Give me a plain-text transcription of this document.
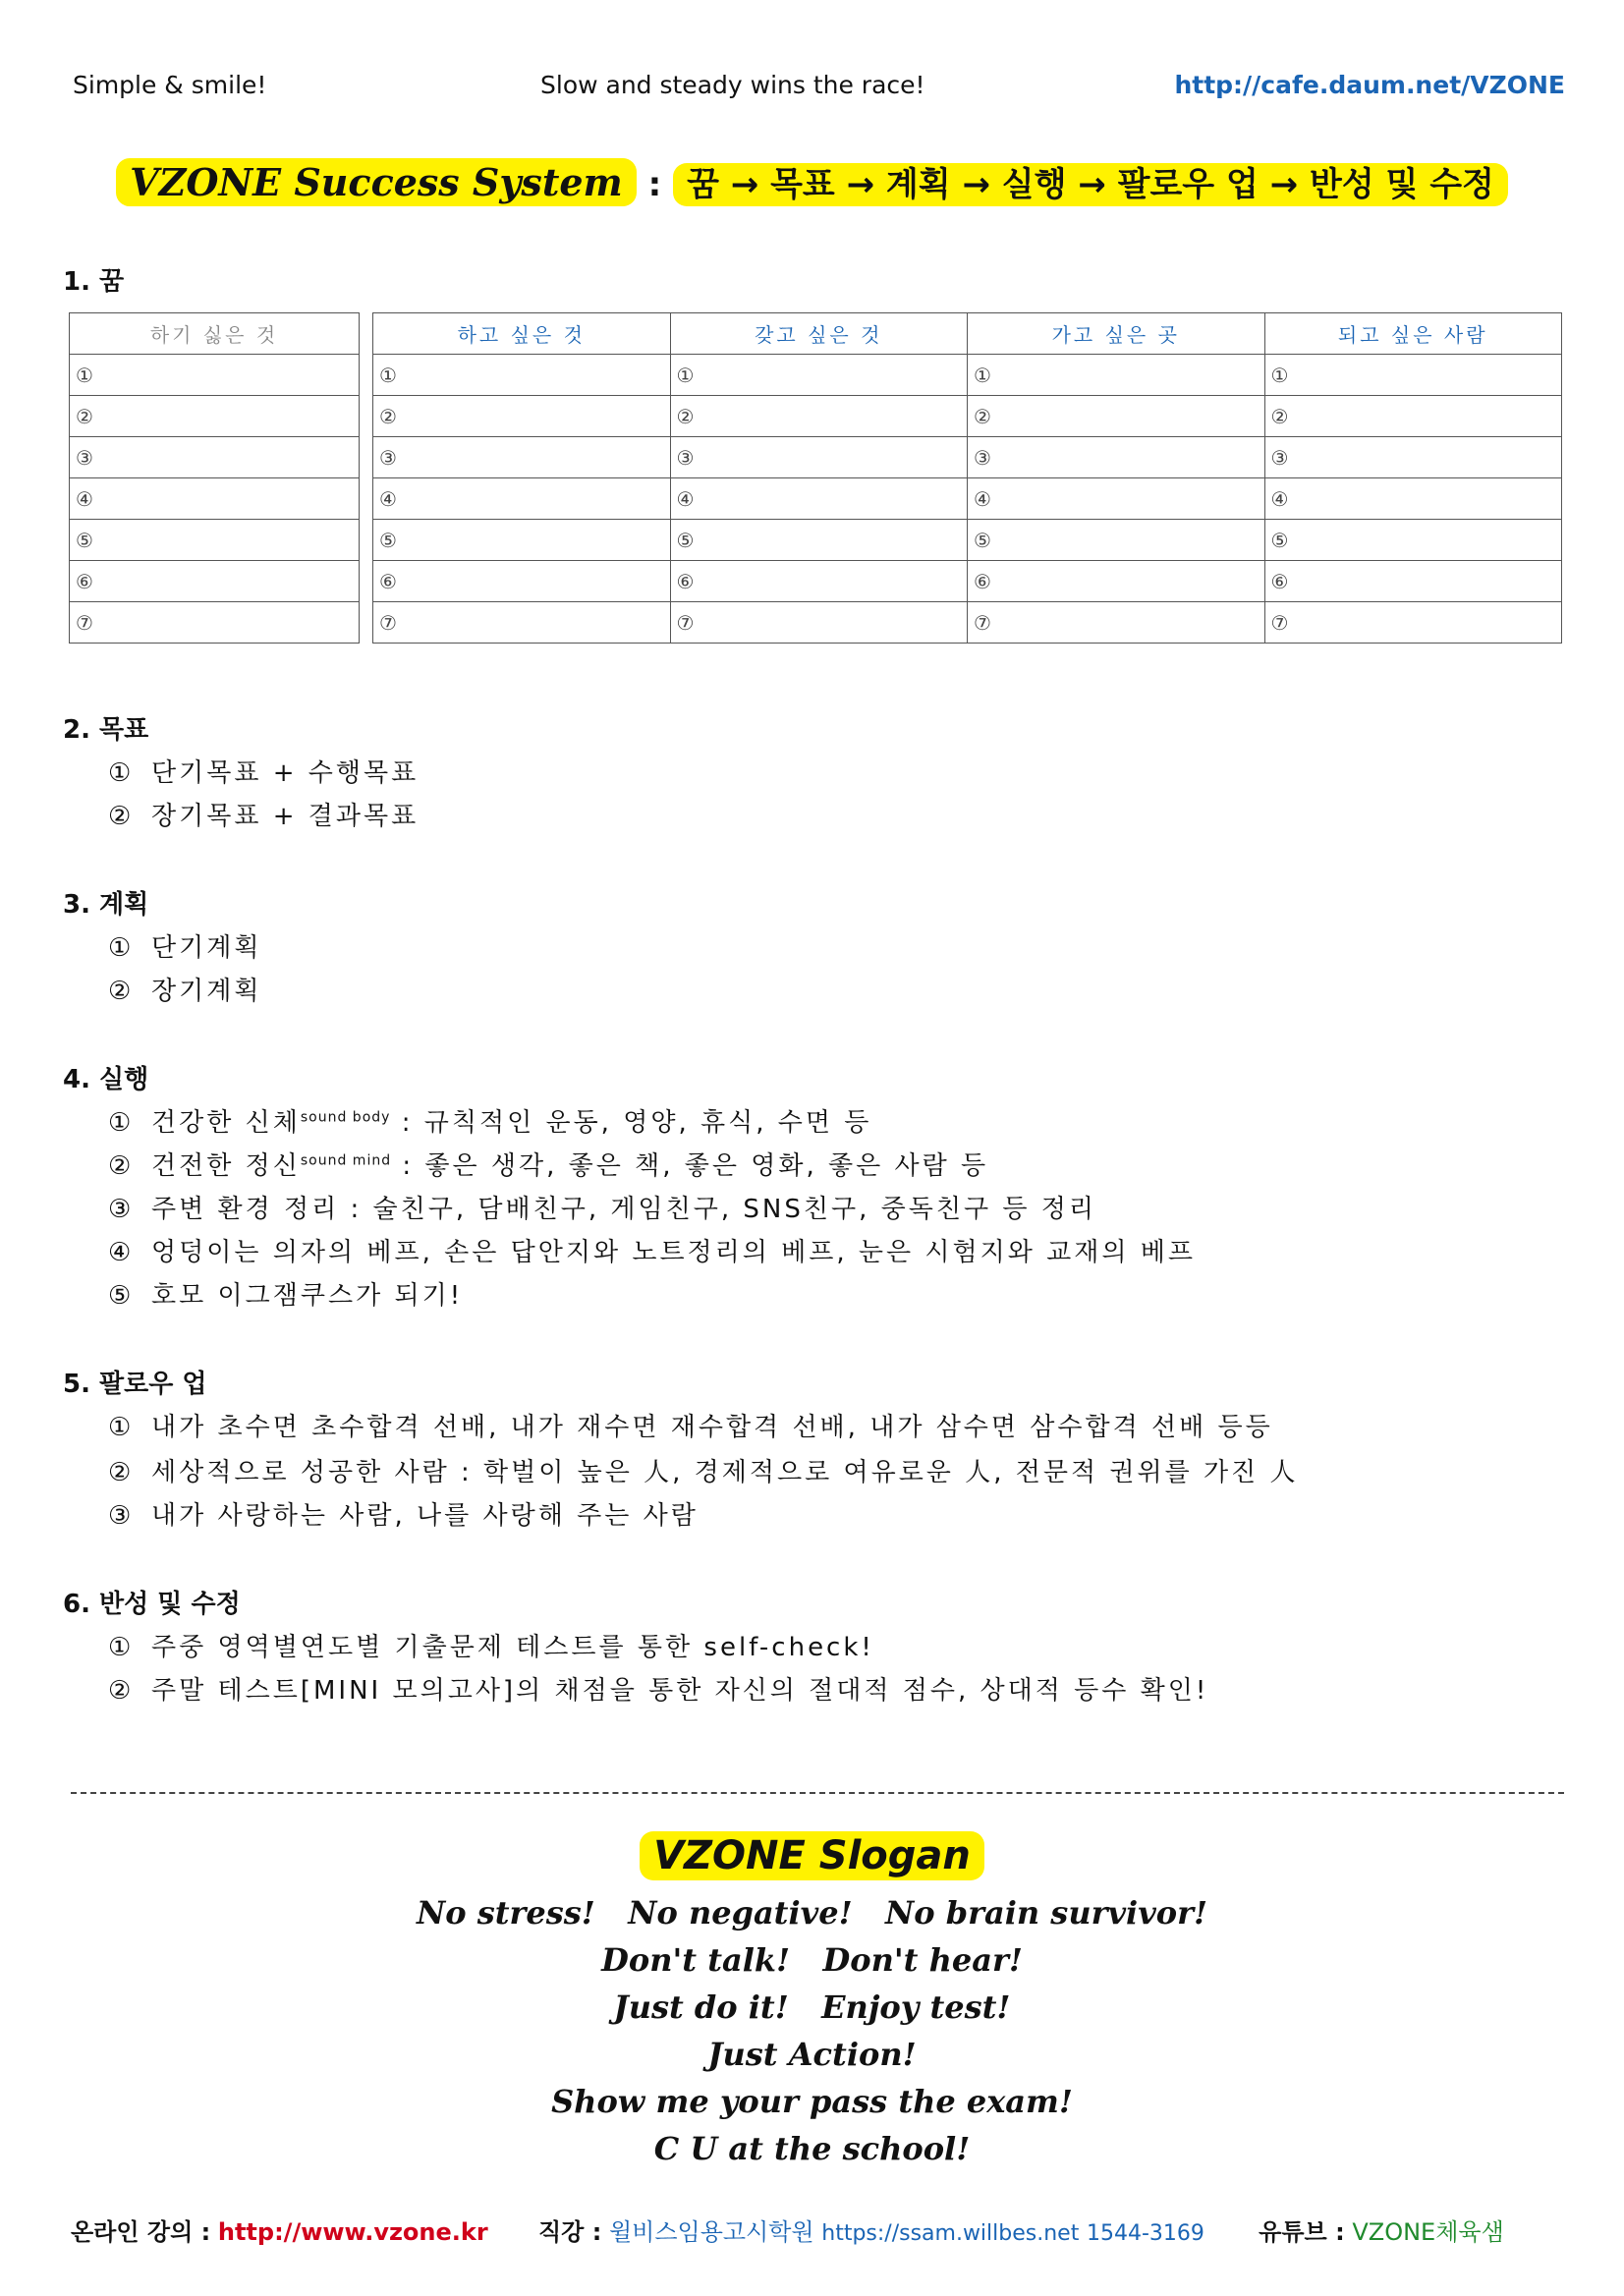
Simple & smile!	Slow and steady wins the race!	http://cafe.daum.net/VZONE
VZONE Success System : 꿈 → 목표 → 계획 → 실행 → 팔로우 업 → 반성 및 수정
1. 꿈
하기 싫은 것
①
②
③
④
⑤
⑥
⑦
하고 싶은 것	갖고 싶은 것	가고 싶은 곳	되고 싶은 사람
①	①	①	①
②	②	②	②
③	③	③	③
④	④	④	④
⑤	⑤	⑤	⑤
⑥	⑥	⑥	⑥
⑦	⑦	⑦	⑦
2. 목표
① 단기목표 + 수행목표
② 장기목표 + 결과목표
3. 계획
① 단기계획
② 장기계획
4. 실행
① 건강한 신체$^{sound body}$ : 규칙적인 운동, 영양, 휴식, 수면 등
② 건전한 정신$^{sound mind}$ : 좋은 생각, 좋은 책, 좋은 영화, 좋은 사람 등
③ 주변 환경 정리 : 술친구, 담배친구, 게임친구, SNS친구, 중독친구 등 정리
④ 엉덩이는 의자의 베프, 손은 답안지와 노트정리의 베프, 눈은 시험지와 교재의 베프
⑤ 호모 이그잼쿠스가 되기!
5. 팔로우 업
① 내가 초수면 초수합격 선배, 내가 재수면 재수합격 선배, 내가 삼수면 삼수합격 선배 등등
② 세상적으로 성공한 사람 : 학벌이 높은 人, 경제적으로 여유로운 人, 전문적 권위를 가진 人
③ 내가 사랑하는 사람, 나를 사랑해 주는 사람
6. 반성 및 수정
① 주중 영역별연도별 기출문제 테스트를 통한 self-check!
② 주말 테스트[MINI 모의고사]의 채점을 통한 자신의 절대적 점수, 상대적 등수 확인!
VZONE Slogan
No stress!   No negative!   No brain survivor!
Don't talk!   Don't hear!
Just do it!   Enjoy test!
Just Action!
Show me your pass the exam!
C U at the school!
온라인 강의 : http://www.vzone.kr 직강 : 윌비스임용고시학원 https://ssam.willbes.net 1544-3169 유튜브 : VZONE체육샘
